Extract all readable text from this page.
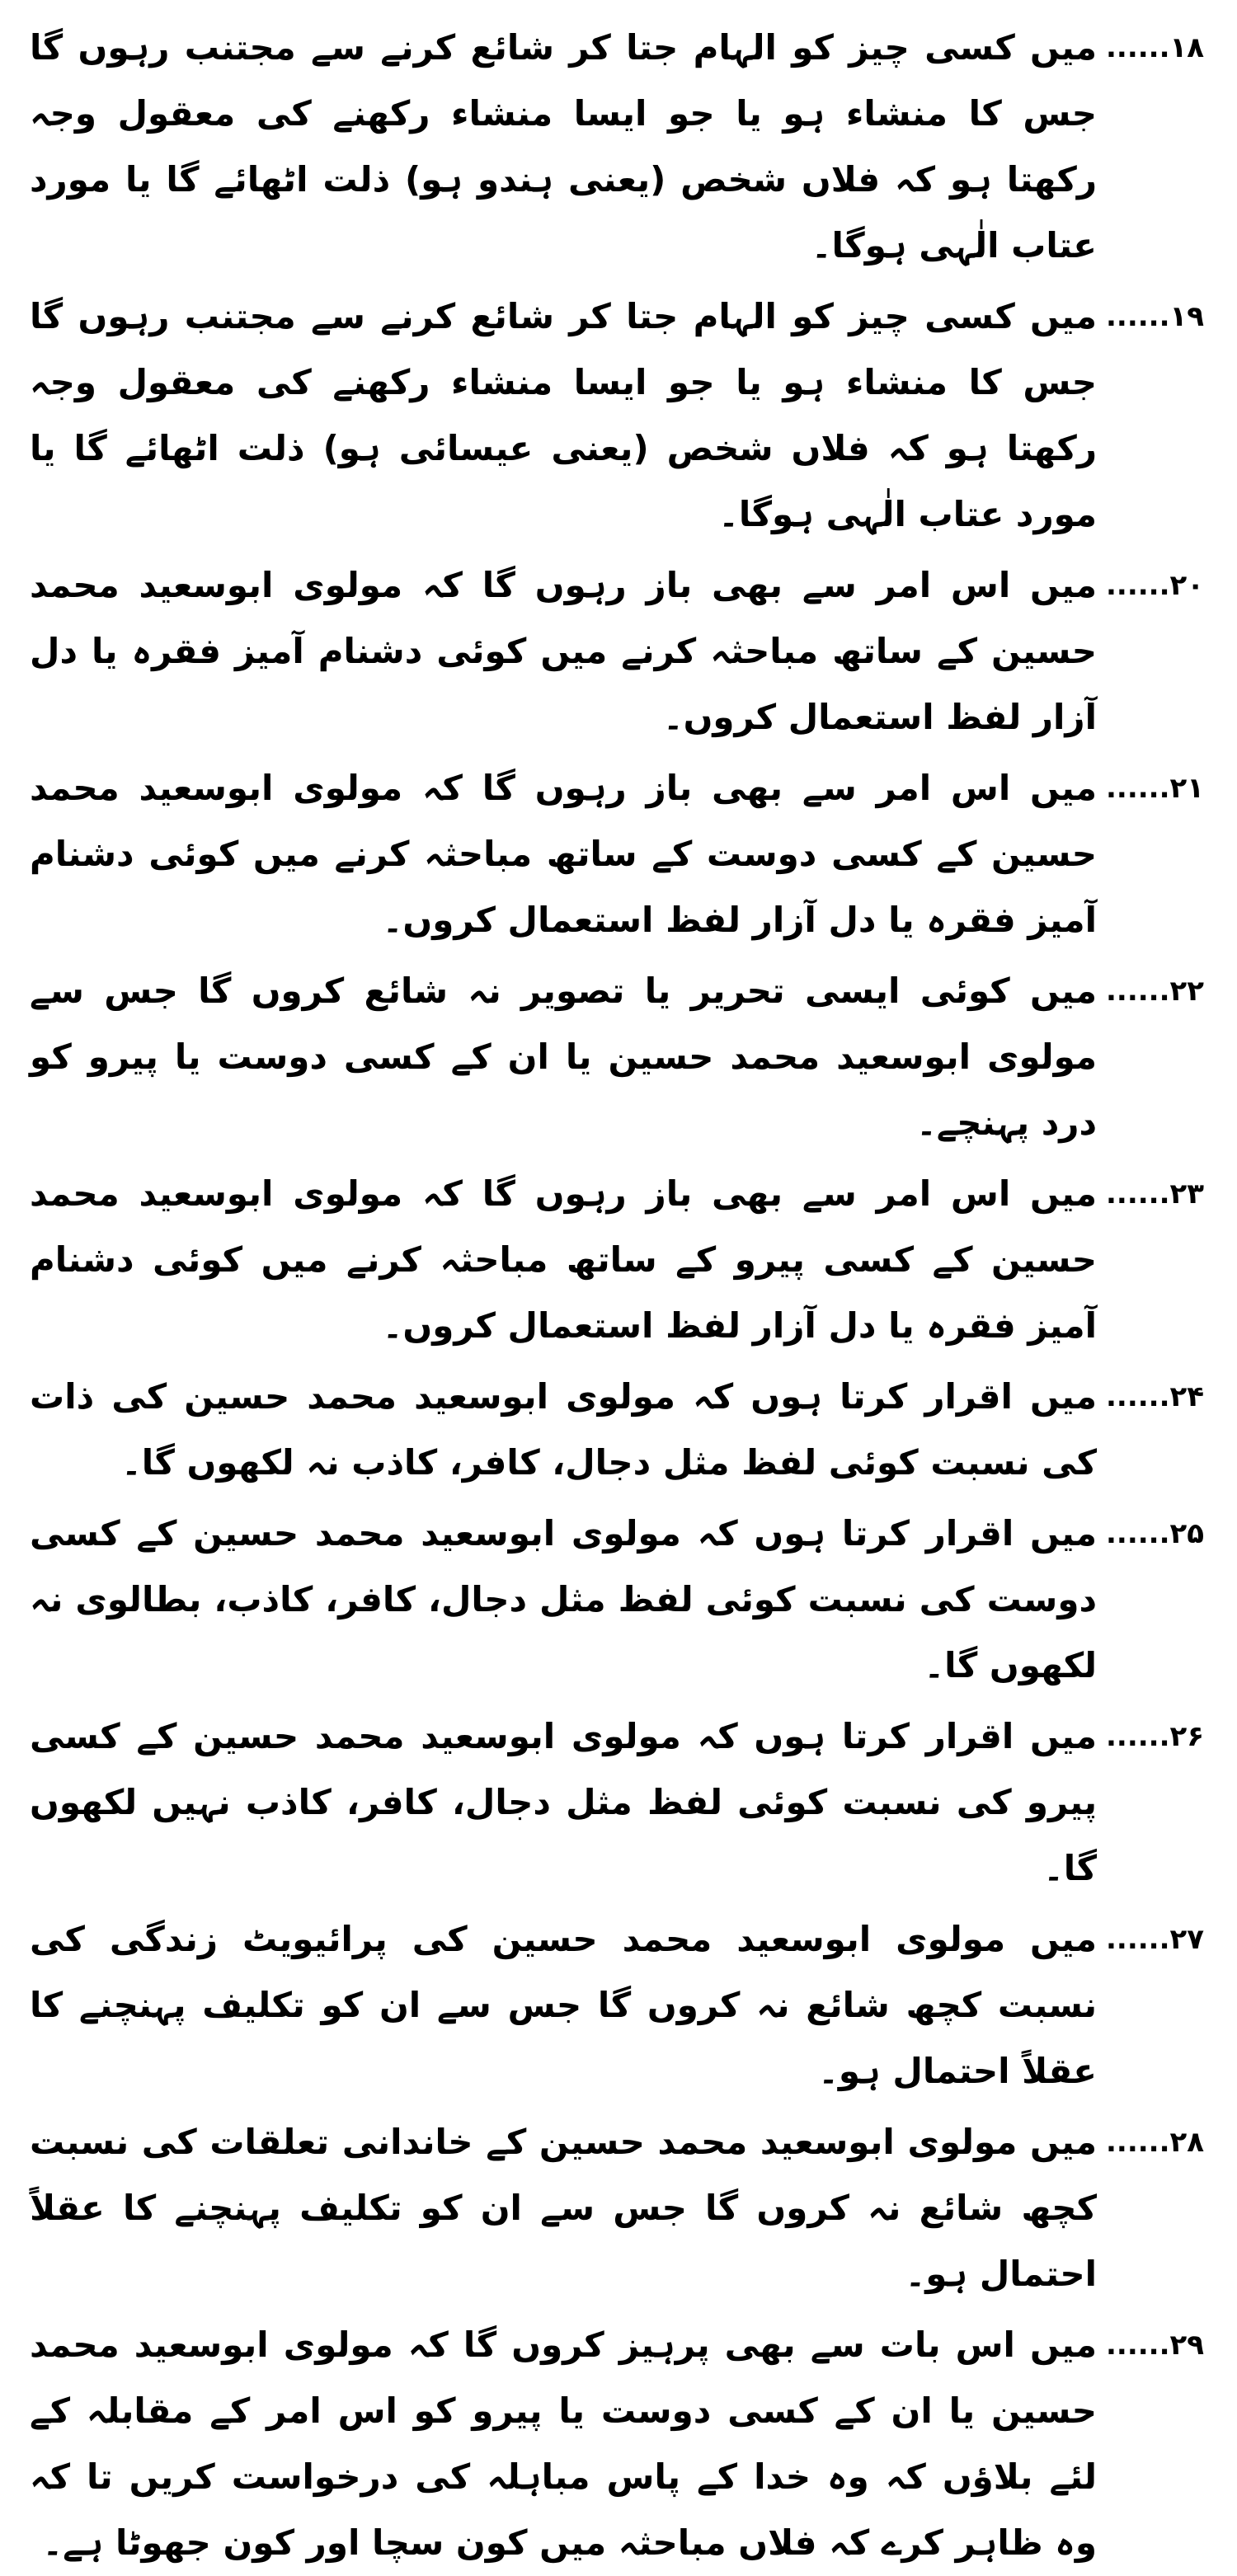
۱۸......
میں کسی چیز کو الہام جتا کر شائع کرنے سے مجتنب رہوں گا جس کا منشاء ہو یا جو ایسا منشاء رکھنے کی معقول وجہ رکھتا ہو کہ فلاں شخص (یعنی ہندو ہو) ذلت اٹھائے گا یا مورد عتاب الٰہی ہوگا۔
۱۹......
میں کسی چیز کو الہام جتا کر شائع کرنے سے مجتنب رہوں گا جس کا منشاء ہو یا جو ایسا منشاء رکھنے کی معقول وجہ رکھتا ہو کہ فلاں شخص (یعنی عیسائی ہو) ذلت اٹھائے گا یا مورد عتاب الٰہی ہوگا۔
۲۰......
میں اس امر سے بھی باز رہوں گا کہ مولوی ابوسعید محمد حسین کے ساتھ مباحثہ کرنے میں کوئی دشنام آمیز فقرہ یا دل آزار لفظ استعمال کروں۔
۲۱......
میں اس امر سے بھی باز رہوں گا کہ مولوی ابوسعید محمد حسین کے کسی دوست کے ساتھ مباحثہ کرنے میں کوئی دشنام آمیز فقرہ یا دل آزار لفظ استعمال کروں۔
۲۲......
میں کوئی ایسی تحریر یا تصویر نہ شائع کروں گا جس سے مولوی ابوسعید محمد حسین یا ان کے کسی دوست یا پیرو کو درد پہنچے۔
۲۳......
میں اس امر سے بھی باز رہوں گا کہ مولوی ابوسعید محمد حسین کے کسی پیرو کے ساتھ مباحثہ کرنے میں کوئی دشنام آمیز فقرہ یا دل آزار لفظ استعمال کروں۔
۲۴......
میں اقرار کرتا ہوں کہ مولوی ابوسعید محمد حسین کی ذات کی نسبت کوئی لفظ مثل دجال، کافر، کاذب نہ لکھوں گا۔
۲۵......
میں اقرار کرتا ہوں کہ مولوی ابوسعید محمد حسین کے کسی دوست کی نسبت کوئی لفظ مثل دجال، کافر، کاذب، بطالوی نہ لکھوں گا۔
۲۶......
میں اقرار کرتا ہوں کہ مولوی ابوسعید محمد حسین کے کسی پیرو کی نسبت کوئی لفظ مثل دجال، کافر، کاذب نہیں لکھوں گا۔
۲۷......
میں مولوی ابوسعید محمد حسین کی پرائیویٹ زندگی کی نسبت کچھ شائع نہ کروں گا جس سے ان کو تکلیف پہنچنے کا عقلاً احتمال ہو۔
۲۸......
میں مولوی ابوسعید محمد حسین کے خاندانی تعلقات کی نسبت کچھ شائع نہ کروں گا جس سے ان کو تکلیف پہنچنے کا عقلاً احتمال ہو۔
۲۹......
میں اس بات سے بھی پرہیز کروں گا کہ مولوی ابوسعید محمد حسین یا ان کے کسی دوست یا پیرو کو اس امر کے مقابلہ کے لئے بلاؤں کہ وہ خدا کے پاس مباہلہ کی درخواست کریں تا کہ وہ ظاہر کرے کہ فلاں مباحثہ میں کون سچا اور کون جھوٹا ہے۔
